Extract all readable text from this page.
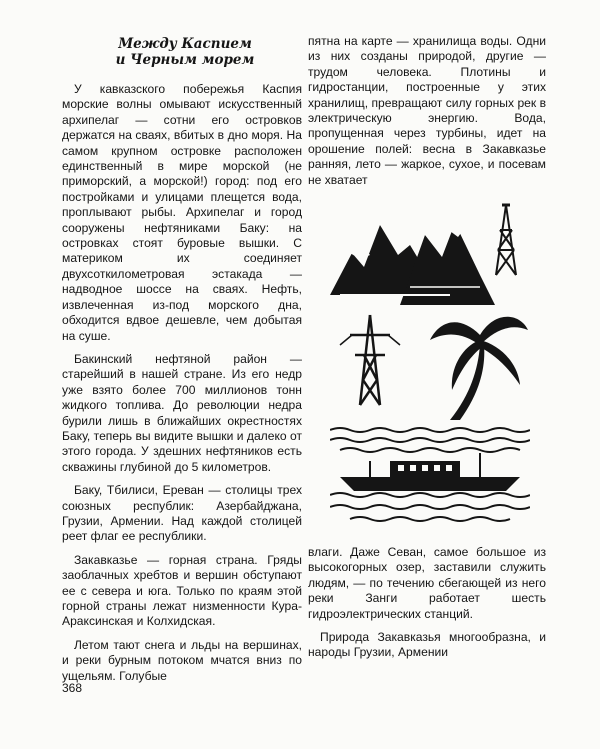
Между Каспием
и Черным морем

У кавказского побережья Каспия морские волны омывают искусственный архипелаг — сотни его островков держатся на сваях, вбитых в дно моря. На самом крупном островке расположен единственный в мире морской (не приморский, а морской!) город: под его постройками и улицами плещется вода, проплывают рыбы. Архипелаг и город сооружены нефтяниками Баку: на островках стоят буровые вышки. С материком их соединяет двухсоткилометровая эстакада — надводное шоссе на сваях. Нефть, извлеченная из-под морского дна, обходится вдвое дешевле, чем добытая на суше.

Бакинский нефтяной район — старейший в нашей стране. Из его недр уже взято более 700 миллионов тонн жидкого топлива. До революции недра бурили лишь в ближайших окрестностях Баку, теперь вы видите вышки и далеко от этого города. У здешних нефтяников есть скважины глубиной до 5 километров.

Баку, Тбилиси, Ереван — столицы трех союзных республик: Азербайджана, Грузии, Армении. Над каждой столицей реет флаг ее республики.

Закавказье — горная страна. Гряды заоблачных хребтов и вершин обступают ее с севера и юга. Только по краям этой горной страны лежат низменности Кура-Араксинская и Колхидская.

Летом тают снега и льды на вершинах, и реки бурным потоком мчатся вниз по ущельям. Голубые

пятна на карте — хранилища воды. Одни из них созданы природой, другие — трудом человека. Плотины и гидростанции, построенные у этих хранилищ, превращают силу горных рек в электрическую энергию. Вода, пропущенная через турбины, идет на орошение полей: весна в Закавказье ранняя, лето — жаркое, сухое, и посевам не хватает

влаги. Даже Севан, самое большое из высокогорных озер, заставили служить людям, — по течению сбегающей из него реки Занги работает шесть гидроэлектрических станций.

Природа Закавказья многообразна, и народы Грузии, Армении

368
